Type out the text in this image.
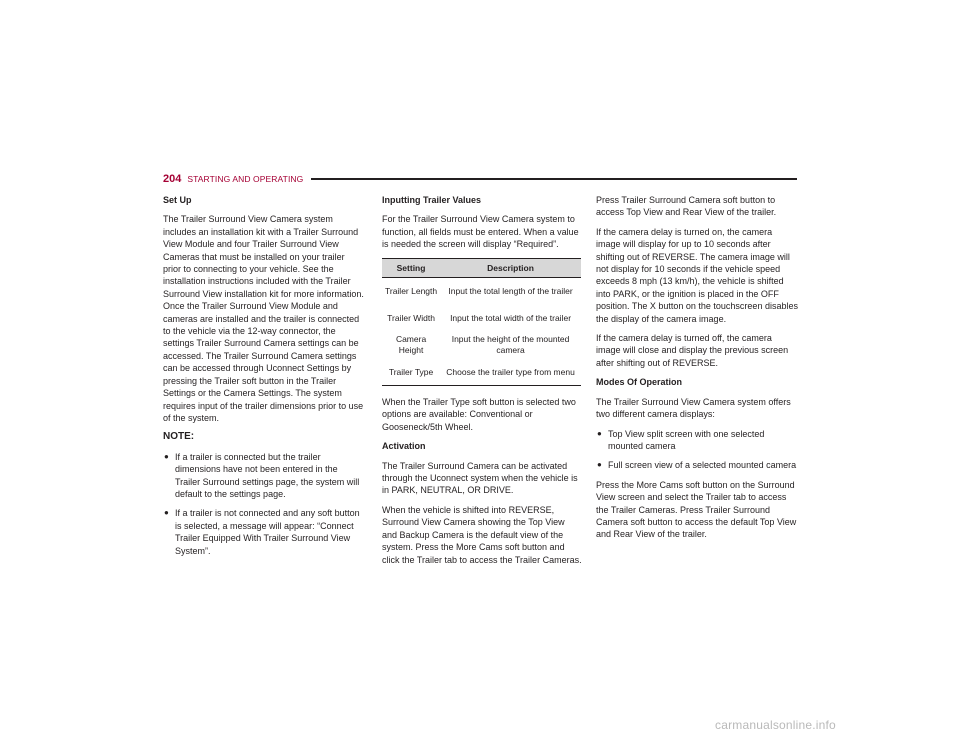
204 STARTING AND OPERATING

Set Up

The Trailer Surround View Camera system includes an installation kit with a Trailer Surround View Module and four Trailer Surround View Cameras that must be installed on your trailer prior to connecting to your vehicle. See the installation instructions included with the Trailer Surround View installation kit for more information. Once the Trailer Surround View Module and cameras are installed and the trailer is connected to the vehicle via the 12-way connector, the settings Trailer Surround Camera settings can be accessed. The Trailer Surround Camera settings can be accessed through Uconnect Settings by pressing the Trailer soft button in the Trailer Settings or the Camera Settings. The system requires input of the trailer dimensions prior to use of the system.

NOTE:

● If a trailer is connected but the trailer dimensions have not been entered in the Trailer Surround settings page, the system will default to the settings page.
● If a trailer is not connected and any soft button is selected, a message will appear: “Connect Trailer Equipped With Trailer Surround View System”.

Inputting Trailer Values

For the Trailer Surround View Camera system to function, all fields must be entered. When a value is needed the screen will display “Required”.

Setting	Description
Trailer Length	Input the total length of the trailer
Trailer Width	Input the total width of the trailer
Camera Height	Input the height of the mounted camera
Trailer Type	Choose the trailer type from menu

When the Trailer Type soft button is selected two options are available: Conventional or Gooseneck/5th Wheel.

Activation

The Trailer Surround Camera can be activated through the Uconnect system when the vehicle is in PARK, NEUTRAL, OR DRIVE.

When the vehicle is shifted into REVERSE, Surround View Camera showing the Top View and Backup Camera is the default view of the system. Press the More Cams soft button and click the Trailer tab to access the Trailer Cameras.

Press Trailer Surround Camera soft button to access Top View and Rear View of the trailer.

If the camera delay is turned on, the camera image will display for up to 10 seconds after shifting out of REVERSE. The camera image will not display for 10 seconds if the vehicle speed exceeds 8 mph (13 km/h), the vehicle is shifted into PARK, or the ignition is placed in the OFF position. The X button on the touchscreen disables the display of the camera image.

If the camera delay is turned off, the camera image will close and display the previous screen after shifting out of REVERSE.

Modes Of Operation

The Trailer Surround View Camera system offers two different camera displays:

● Top View split screen with one selected mounted camera
● Full screen view of a selected mounted camera

Press the More Cams soft button on the Surround View screen and select the Trailer tab to access the Trailer Cameras. Press Trailer Surround Camera soft button to access the default Top View and Rear View of the trailer.

carmanualsonline.info
